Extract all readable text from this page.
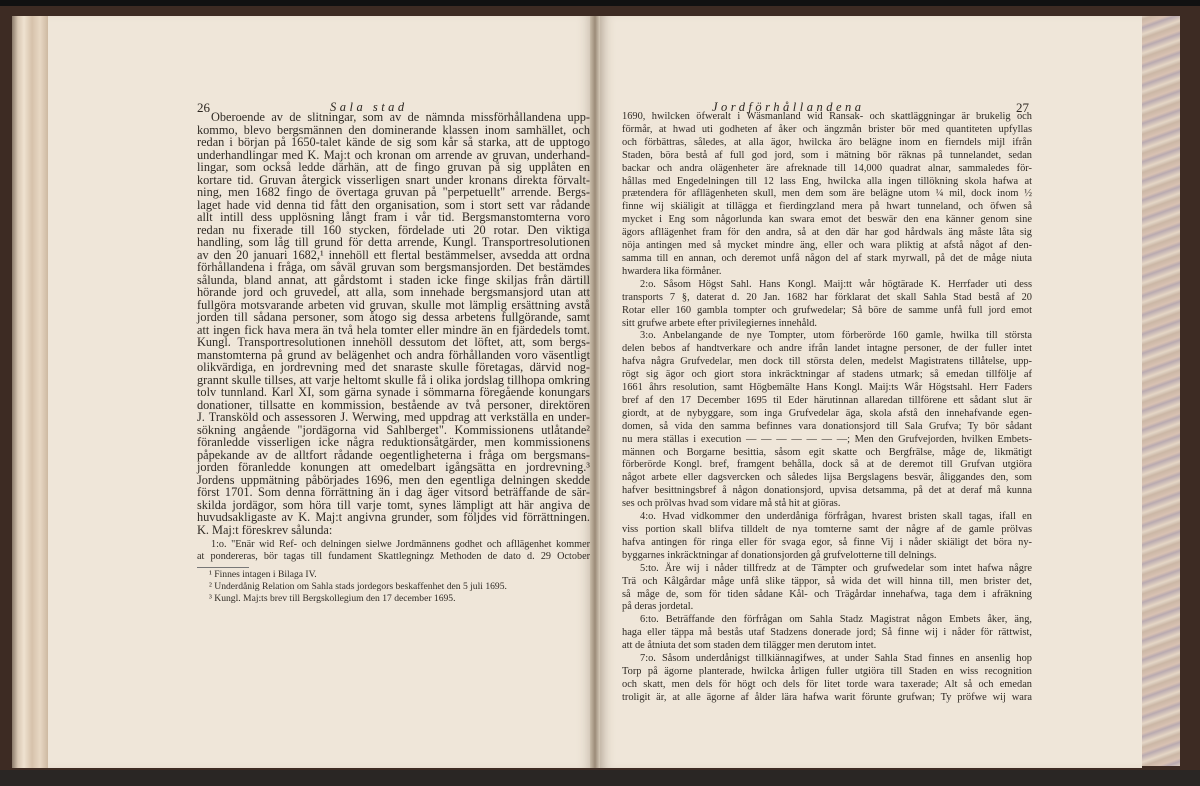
26	Sala stad	Jordförhållandena	27
Oberoende av de slitningar, som av de nämnda missförhållandena upp-
kommo, blevo bergsmännen den dominerande klassen inom samhället, och
redan i början på 1650-talet kände de sig som kår så starka, att de upptogo
underhandlingar med K. Maj:t och kronan om arrende av gruvan, underhand-
lingar, som också ledde därhän, att de fingo gruvan på sig upplåten en
kortare tid. Gruvan återgick visserligen snart under kronans direkta förvalt-
ning, men 1682 fingo de övertaga gruvan på "perpetuellt" arrende. Bergs-
laget hade vid denna tid fått den organisation, som i stort sett var rådande
allt intill dess upplösning långt fram i vår tid. Bergsmanstomterna voro
redan nu fixerade till 160 stycken, fördelade uti 20 rotar. Den viktiga
handling, som låg till grund för detta arrende, Kungl. Transportresolutionen
av den 20 januari 1682,¹ innehöll ett flertal bestämmelser, avsedda att ordna
förhållandena i fråga, om såväl gruvan som bergsmansjorden. Det bestämdes
sålunda, bland annat, att gårdstomt i staden icke finge skiljas från därtill
hörande jord och gruvedel, att alla, som innehade bergsmansjord utan att
fullgöra motsvarande arbeten vid gruvan, skulle mot lämplig ersättning avstå
jorden till sådana personer, som åtogo sig dessa arbetens fullgörande, samt
att ingen fick hava mera än två hela tomter eller mindre än en fjärdedels tomt.
Kungl. Transportresolutionen innehöll dessutom det löftet, att, som bergs-
manstomterna på grund av belägenhet och andra förhållanden voro väsentligt
olikvärdiga, en jordrevning med det snaraste skulle företagas, därvid nog-
grannt skulle tillses, att varje heltomt skulle få i olika jordslag tillhopa omkring
tolv tunnland. Karl XI, som gärna synade i sömmarna föregående konungars
donationer, tillsatte en kommission, bestående av två personer, direktören
J. Transköld och assessoren J. Werwing, med uppdrag att verkställa en under-
sökning angående "jordägorna vid Sahlberget". Kommissionens utlåtande²
föranledde visserligen icke några reduktionsåtgärder, men kommissionens
påpekande av de alltfort rådande oegentligheterna i fråga om bergsmans-
jorden föranledde konungen att omedelbart igångsätta en jordrevning.³
Jordens uppmätning påbörjades 1696, men den egentliga delningen skedde
först 1701. Som denna förrättning än i dag äger vitsord beträffande de sär-
skilda jordägor, som höra till varje tomt, synes lämpligt att här angiva de
huvudsakligaste av K. Maj:t angivna grunder, som följdes vid förrättningen.
K. Maj:t föreskrev sålunda:
1:o. "Enär wid Ref- och delningen sielwe Jordmännens godhet och afllägenhet kommer
at pondereras, bör tagas till fundament Skattlegningz Methoden de dato d. 29 October
¹ Finnes intagen i Bilaga IV.
² Underdånig Relation om Sahla stads jordegors beskaffenhet den 5 juli 1695.
³ Kungl. Maj:ts brev till Bergskollegium den 17 december 1695.
1690, hwilcken öfweralt i Wäsmanland wid Ransak- och skattläggningar är brukelig och
förmår, at hwad uti godheten af åker och ängzmån brister bör med quantiteten upfyllas
och förbättras, således, at alla ägor, hwilcka äro belägne inom en fierndels mijl ifrån
Staden, böra bestå af full god jord, som i mätning bör räknas på tunnelandet, sedan
backar och andra olägenheter äre afreknade till 14,000 quadrat alnar, sammaledes för-
hållas med Engedelningen till 12 lass Eng, hwilcka alla ingen tillökning skola hafwa at
prætendera för afllägenheten skull, men dem som äre belägne utom ¼ mil, dock inom ½
finne wij skiäligit at tillägga et fierdingzland mera på hwart tunneland, och öfwen så
mycket i Eng som någorlunda kan swara emot det beswär den ena känner genom sine
ägors afllägenhet fram för den andra, så at den där har god hårdwals äng måste låta sig
nöja antingen med så mycket mindre äng, eller och wara pliktig at afstå något af den-
samma till en annan, och deremot unfå någon del af stark myrwall, på det de måge niuta
hwardera lika förmåner.
2:o. Såsom Högst Sahl. Hans Kongl. Maij:tt wår högtärade K. Herrfader uti dess
transports 7 §, daterat d. 20 Jan. 1682 har förklarat det skall Sahla Stad bestå af 20
Rotar eller 160 gambla tompter och grufwedelar; Så böre de samme unfå full jord emot
sitt grufwe arbete efter privilegiernes innehåld.
3:o. Anbelangande de nye Tompter, utom förberörde 160 gamle, hwilka till största
delen bebos af handtverkare och andre ifrån landet intagne personer, de der fuller intet
hafva några Grufvedelar, men dock till största delen, medelst Magistratens tillåtelse, upp-
rögt sig ägor och giort stora inkräcktningar af stadens utmark; så emedan tillfölje af
1661 åhrs resolution, samt Högbemälte Hans Kongl. Maij:ts Wår Högstsahl. Herr Faders
bref af den 17 December 1695 til Eder härutinnan allaredan tillförene ett sådant slut är
giordt, at de nybyggare, som inga Grufvedelar äga, skola afstå den innehafvande egen-
domen, så vida den samma befinnes vara donationsjord till Sala Grufva; Ty bör sådant
nu mera ställas i execution — — — — — — —; Men den Grufvejorden, hvilken Embets-
männen och Borgarne besittia, såsom egit skatte och Bergfrälse, måge de, likmätigt
förberörde Kongl. bref, framgent behålla, dock så at de deremot till Grufvan utgiöra
något arbete eller dagsvercken och således lijsa Bergslagens besvär, åliggandes den, som
hafver besittningsbref å någon donationsjord, upvisa detsamma, på det at deraf må kunna
ses och prölvas hvad som vidare må stå hit at giöras.
4:o. Hvad vidkommer den underdåniga förfrågan, hvarest bristen skall tagas, ifall en
viss portion skall blifva tilldelt de nya tomterne samt der någre af de gamle prölvas
hafva antingen för ringa eller för svaga egor, så finne Vij i nåder skiäligt det böra ny-
byggarnes inkräcktningar af donationsjorden gå grufvelotterne till delnings.
5:to. Äre wij i nåder tillfredz at de Tämpter och grufwedelar som intet hafwa någre
Trä och Kålgårdar måge unfå slike täppor, så wida det will hinna till, men brister det,
så måge de, som för tiden sådane Kål- och Trägårdar innehafwa, taga dem i afräkning
på deras jordetal.
6:to. Beträffande den förfrågan om Sahla Stadz Magistrat någon Embets åker, äng,
haga eller täppa må bestås utaf Stadzens donerade jord; Så finne wij i nåder för rättwist,
att de åtniuta det som staden dem tilägger men derutom intet.
7:o. Såsom underdånigst tillkiännagifwes, at under Sahla Stad finnes en ansenlig hop
Torp på ägorne planterade, hwilcka årligen fuller utgiöra till Staden en wiss recognition
och skatt, men dels för högt och dels för litet torde wara taxerade; Alt så och emedan
troligit är, at alle ägorne af ålder lära hafwa warit förunte grufwan; Ty pröfwe wij wara
